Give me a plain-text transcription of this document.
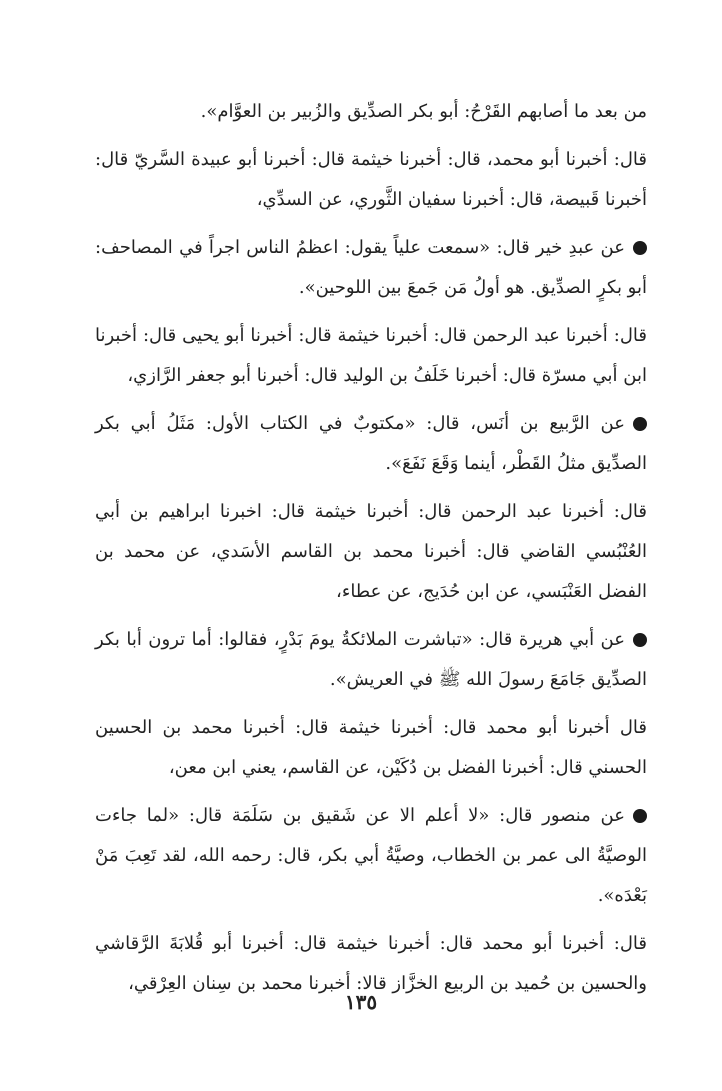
من بعد ما أصابهم القَرْحُ: أبو بكر الصدِّيق والزُبير بن العوَّام».

قال: أخبرنا أبو محمد، قال: أخبرنا خيثمة قال: أخبرنا أبو عبيدة السَّريّ قال: أخبرنا قَبيصة، قال: أخبرنا سفيان الثَّوري، عن السدِّي،

عن عبدِ خير قال: «سمعت علياً يقول: اعظمُ الناس اجراً في المصاحف: أبو بكرٍ الصدِّيق. هو أولُ مَن جَمعَ بين اللوحين».

قال: أخبرنا عبد الرحمن قال: أخبرنا خيثمة قال: أخبرنا أبو يحيى قال: أخبرنا ابن أبي مسرّة قال: أخبرنا خَلَفُ بن الوليد قال: أخبرنا أبو جعفر الرَّازي،

عن الرَّبيع بن أنَس، قال: «مكتوبٌ في الكتاب الأول: مَثَلُ أبي بكر الصدِّيق مثلُ القَطْر، أينما وَقَعَ نَفَعَ».

قال: أخبرنا عبد الرحمن قال: أخبرنا خيثمة قال: اخبرنا ابراهيم بن أبي العُنْبُسي القاضي قال: أخبرنا محمد بن القاسم الأسَدي، عن محمد بن الفضل العَنْبَسي، عن ابن حُدَيج، عن عطاء،

عن أبي هريرة قال: «تباشرت الملائكةُ يومَ بَدْرٍ، فقالوا: أما ترون أبا بكر الصدِّيق جَامَعَ رسولَ الله ﷺ في العريش».

قال أخبرنا أبو محمد قال: أخبرنا خيثمة قال: أخبرنا محمد بن الحسين الحسني قال: أخبرنا الفضل بن دُكَيْن، عن القاسم، يعني ابن معن،

عن منصور قال: «لا أعلم الا عن شَقيق بن سَلَمَة قال: «لما جاءت الوصيَّةُ الى عمر بن الخطاب، وصيَّةُ أبي بكر، قال: رحمه الله، لقد تَعِبَ مَنْ بَعْدَه».

قال: أخبرنا أبو محمد قال: أخبرنا خيثمة قال: أخبرنا أبو قُلابَةَ الرَّقاشي والحسين بن حُميد بن الربيع الخزَّاز قالا: أخبرنا محمد بن سِنان العِرْقي،

١٣٥
